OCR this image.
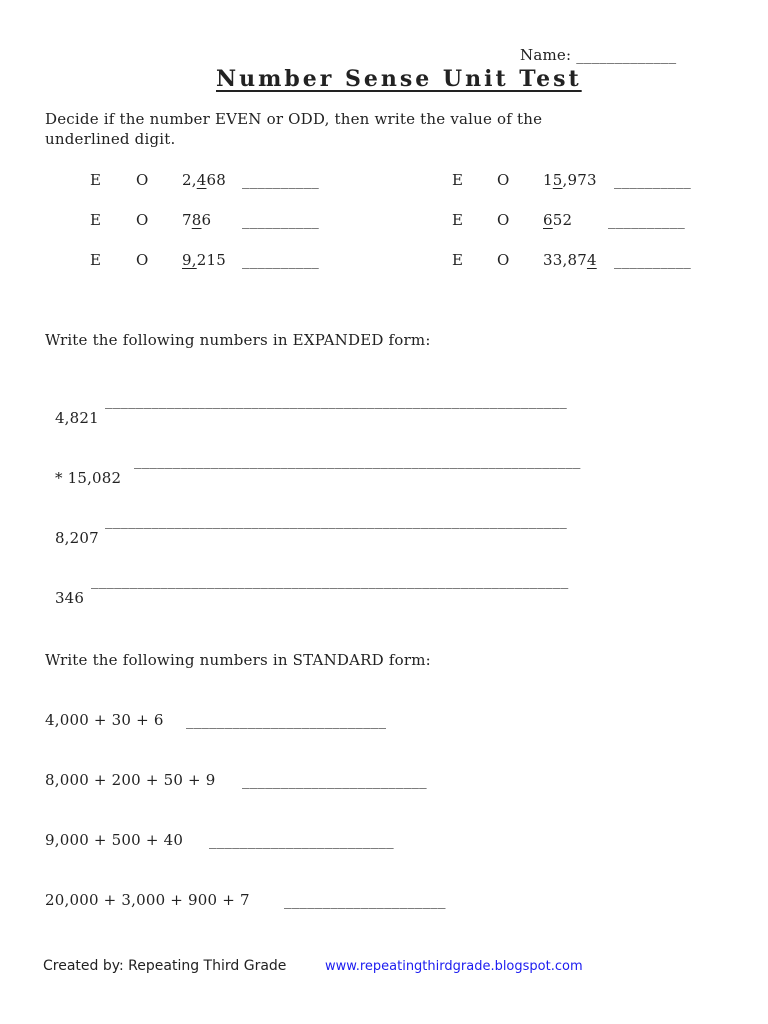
Name: _____________
Number Sense Unit Test
Decide if the number EVEN or ODD, then write the value of the
underlined digit.
E O 2,468 __________	E O 15,973 __________
E O 786 __________	E O 652 __________
E O 9,215 __________	E O 33,874 __________
Write the following numbers in EXPANDED form:

4,821

____________________________________________________________

* 15,082

__________________________________________________________

8,207

____________________________________________________________

346

______________________________________________________________
Write the following numbers in STANDARD form:
4,000 + 30 + 6 __________________________
8,000 + 200 + 50 + 9 ________________________
9,000 + 500 + 40 ________________________
20,000 + 3,000 + 900 + 7 _____________________
Created by: Repeating Third Grade	www.repeatingthirdgrade.blogspot.com
